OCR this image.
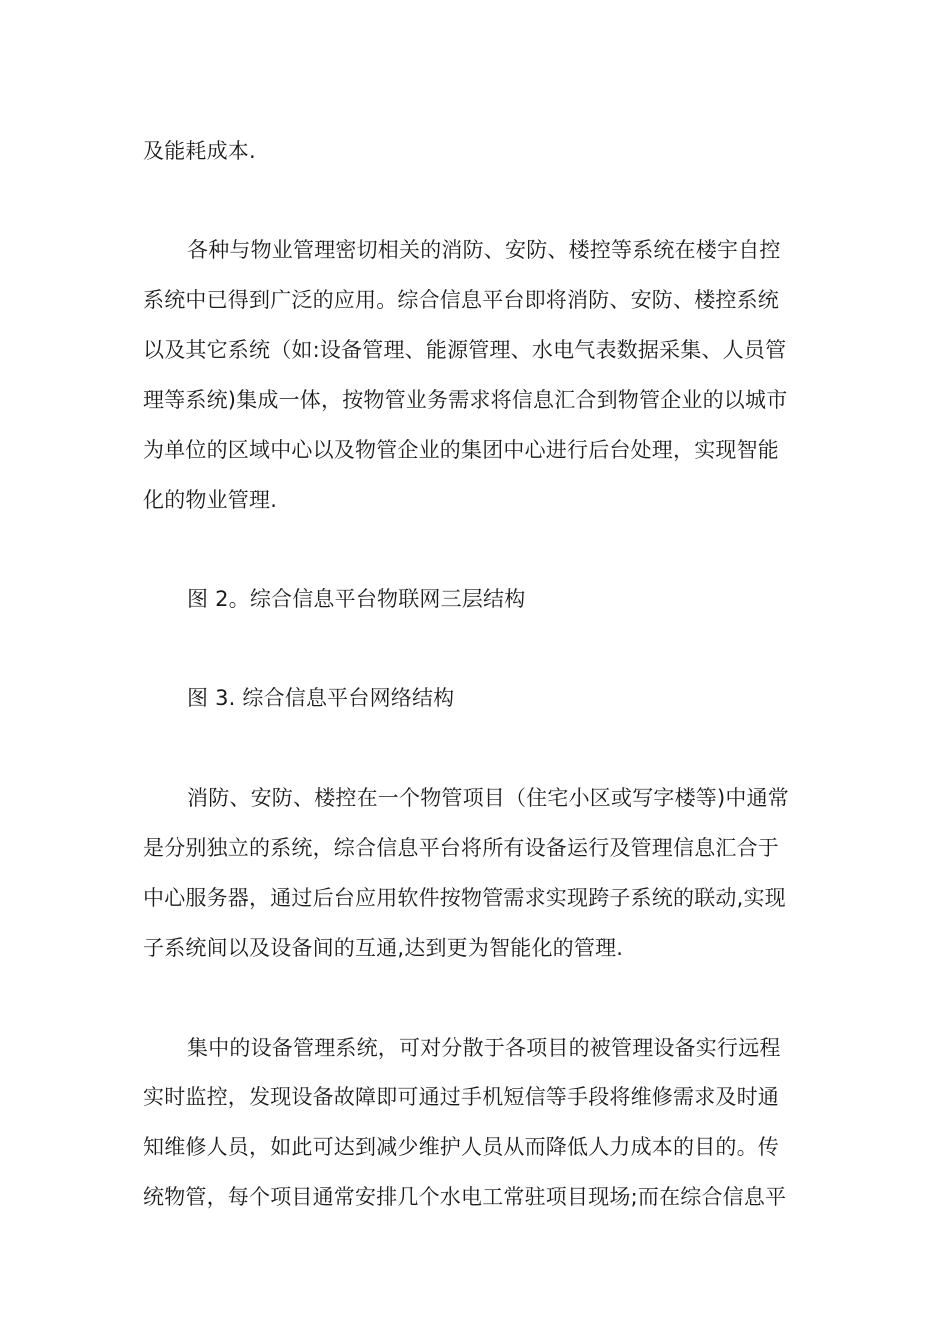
及能耗成本.
各种与物业管理密切相关的消防、安防、楼控等系统在楼宇自控
系统中已得到广泛的应用。综合信息平台即将消防、安防、楼控系统
以及其它系统（如:设备管理、能源管理、水电气表数据采集、人员管
理等系统)集成一体，按物管业务需求将信息汇合到物管企业的以城市
为单位的区域中心以及物管企业的集团中心进行后台处理，实现智能
化的物业管理.
图 2。综合信息平台物联网三层结构
图 3. 综合信息平台网络结构
消防、安防、楼控在一个物管项目（住宅小区或写字楼等)中通常
是分别独立的系统，综合信息平台将所有设备运行及管理信息汇合于
中心服务器，通过后台应用软件按物管需求实现跨子系统的联动,实现
子系统间以及设备间的互通,达到更为智能化的管理.
集中的设备管理系统，可对分散于各项目的被管理设备实行远程
实时监控，发现设备故障即可通过手机短信等手段将维修需求及时通
知维修人员，如此可达到减少维护人员从而降低人力成本的目的。传
统物管，每个项目通常安排几个水电工常驻项目现场;而在综合信息平
